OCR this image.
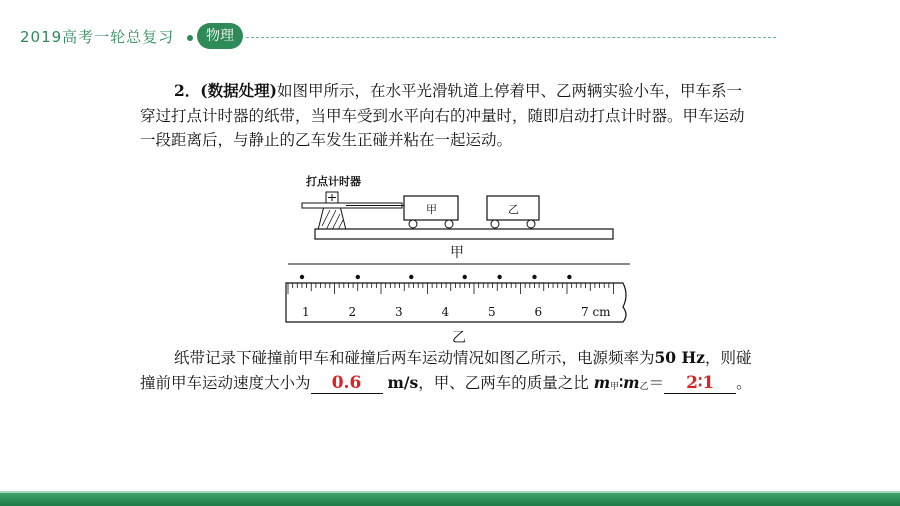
2019高考一轮总复习	物理
2．(数据处理)如图甲所示，在水平光滑轨道上停着甲、乙两辆实验小车，甲车系一穿过打点计时器的纸带，当甲车受到水平向右的冲量时，随即启动打点计时器。甲车运动一段距离后，与静止的乙车发生正碰并粘在一起运动。
打点计时器
甲	乙
甲
1	2	3	4	5	6	7 cm
乙
纸带记录下碰撞前甲车和碰撞后两车运动情况如图乙所示，电源频率为50 Hz，则碰撞前甲车运动速度大小为 0.6 m/s，甲、乙两车的质量之比 m甲∶m乙＝ 2∶1 。
